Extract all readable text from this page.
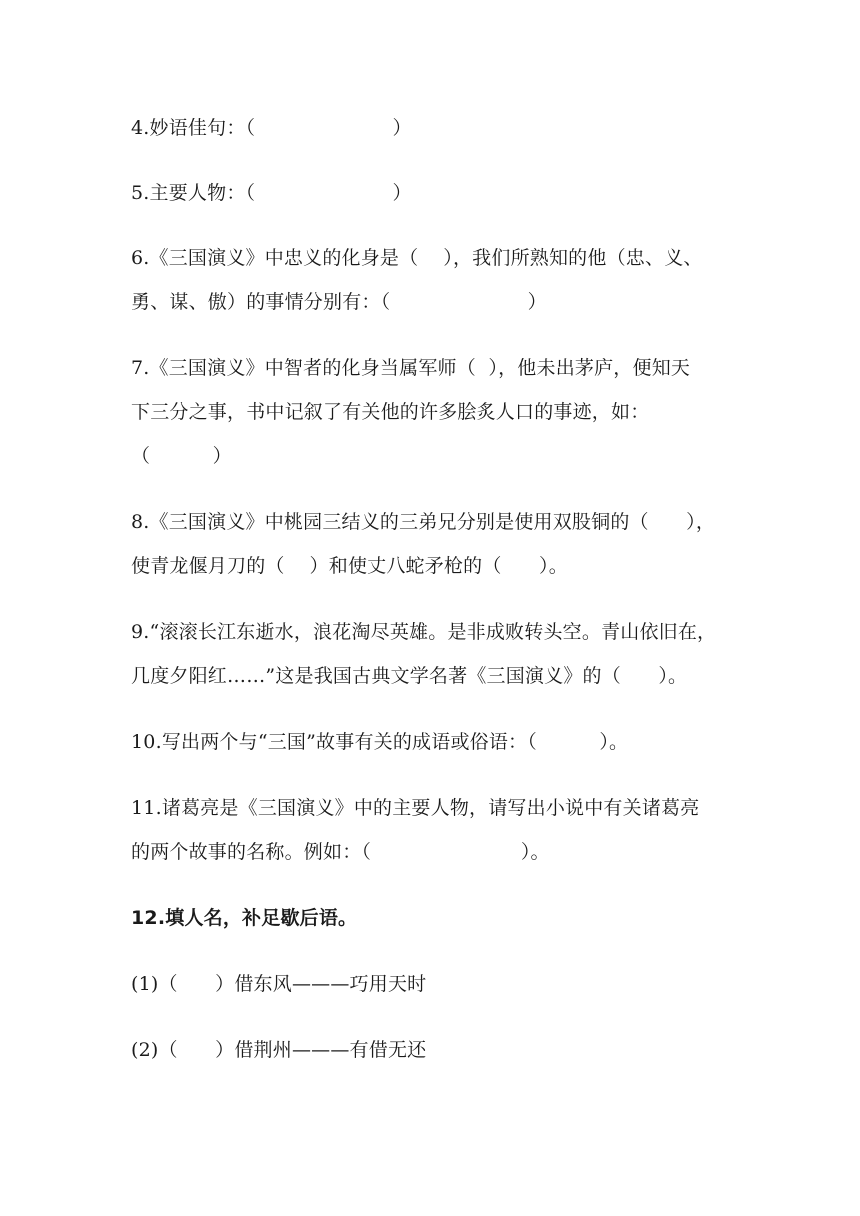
4.妙语佳句：（                      ）
5.主要人物：（                      ）
6.《三国演义》中忠义的化身是（    ），我们所熟知的他（忠、义、
勇、谋、傲）的事情分别有：（                      ）
7.《三国演义》中智者的化身当属军师（  ），他未出茅庐，便知天
下三分之事，书中记叙了有关他的许多脍炙人口的事迹，如：
（          ）
8.《三国演义》中桃园三结义的三弟兄分别是使用双股铜的（      ），
使青龙偃月刀的（    ）和使丈八蛇矛枪的（      ）。
9.“滚滚长江东逝水，浪花淘尽英雄。是非成败转头空。青山依旧在，
几度夕阳红……”这是我国古典文学名著《三国演义》的（      ）。
10.写出两个与“三国”故事有关的成语或俗语：（          ）。
11.诸葛亮是《三国演义》中的主要人物，请写出小说中有关诸葛亮
的两个故事的名称。例如：（                        ）。
12.填人名，补足歇后语。
(1)（      ）借东风———巧用天时
(2)（      ）借荆州———有借无还
